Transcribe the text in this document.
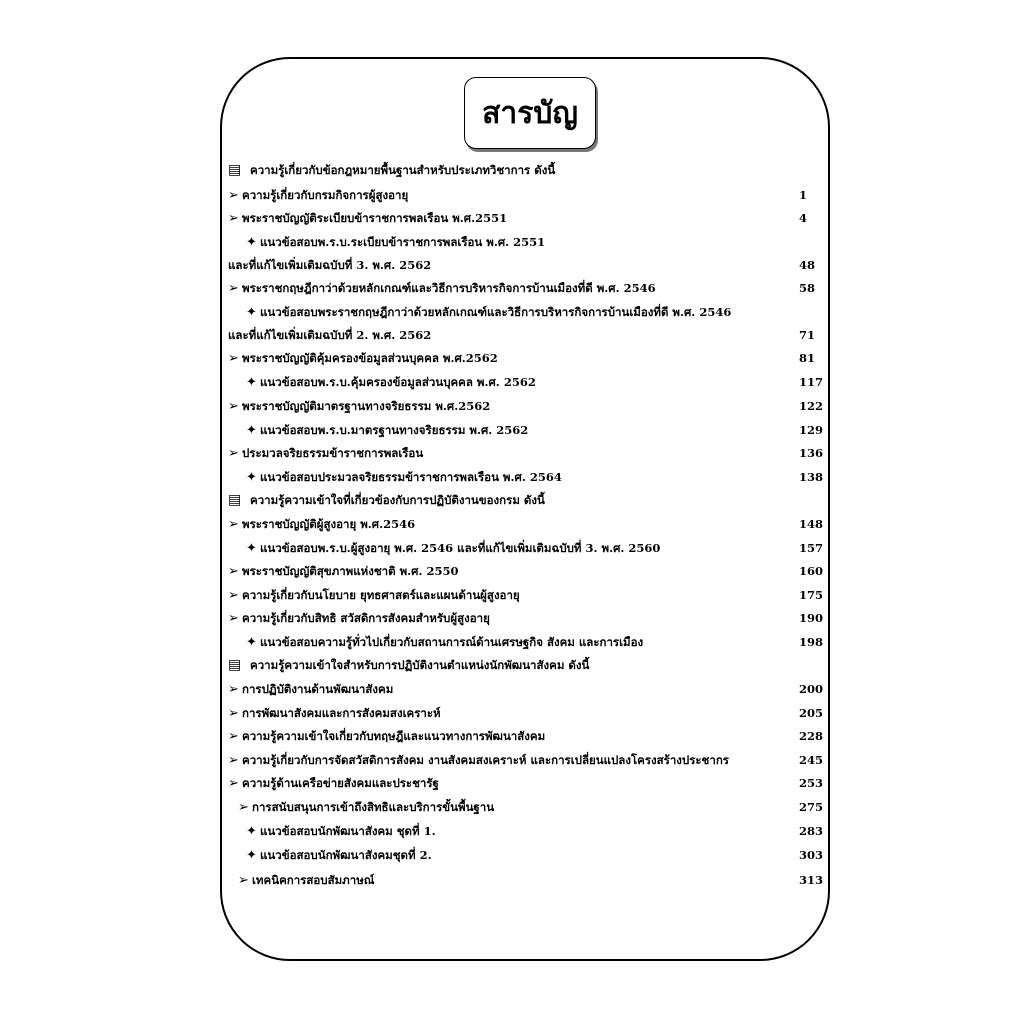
สารบัญ
▤ ความรู้เกี่ยวกับข้อกฎหมายพื้นฐานสำหรับประเภทวิชาการ ดังนี้
➢ ความรู้เกี่ยวกับกรมกิจการผู้สูงอายุ	1
➢ พระราชบัญญัติระเบียบข้าราชการพลเรือน พ.ศ.2551	4
✦ แนวข้อสอบพ.ร.บ.ระเบียบข้าราชการพลเรือน พ.ศ. 2551
และที่แก้ไขเพิ่มเติมฉบับที่ 3. พ.ศ. 2562	48
➢ พระราชกฤษฎีกาว่าด้วยหลักเกณฑ์และวิธีการบริหารกิจการบ้านเมืองที่ดี พ.ศ. 2546	58
✦ แนวข้อสอบพระราชกฤษฎีกาว่าด้วยหลักเกณฑ์และวิธีการบริหารกิจการบ้านเมืองที่ดี พ.ศ. 2546
และที่แก้ไขเพิ่มเติมฉบับที่ 2. พ.ศ. 2562	71
➢ พระราชบัญญัติคุ้มครองข้อมูลส่วนบุคคล พ.ศ.2562	81
✦ แนวข้อสอบพ.ร.บ.คุ้มครองข้อมูลส่วนบุคคล พ.ศ. 2562	117
➢ พระราชบัญญัติมาตรฐานทางจริยธรรม พ.ศ.2562	122
✦ แนวข้อสอบพ.ร.บ.มาตรฐานทางจริยธรรม พ.ศ. 2562	129
➢ ประมวลจริยธรรมข้าราชการพลเรือน	136
✦ แนวข้อสอบประมวลจริยธรรมข้าราชการพลเรือน พ.ศ. 2564	138
▤ ความรู้ความเข้าใจที่เกี่ยวข้องกับการปฏิบัติงานของกรม ดังนี้
➢ พระราชบัญญัติผู้สูงอายุ พ.ศ.2546	148
✦ แนวข้อสอบพ.ร.บ.ผู้สูงอายุ พ.ศ. 2546 และที่แก้ไขเพิ่มเติมฉบับที่ 3. พ.ศ. 2560	157
➢ พระราชบัญญัติสุขภาพแห่งชาติ พ.ศ. 2550	160
➢ ความรู้เกี่ยวกับนโยบาย ยุทธศาสตร์และแผนด้านผู้สูงอายุ	175
➢ ความรู้เกี่ยวกับสิทธิ สวัสดิการสังคมสำหรับผู้สูงอายุ	190
✦ แนวข้อสอบความรู้ทั่วไปเกี่ยวกับสถานการณ์ด้านเศรษฐกิจ สังคม และการเมือง	198
▤ ความรู้ความเข้าใจสำหรับการปฏิบัติงานตำแหน่งนักพัฒนาสังคม ดังนี้
➢ การปฏิบัติงานด้านพัฒนาสังคม	200
➢ การพัฒนาสังคมและการสังคมสงเคราะห์	205
➢ ความรู้ความเข้าใจเกี่ยวกับทฤษฎีและแนวทางการพัฒนาสังคม	228
➢ ความรู้เกี่ยวกับการจัดสวัสดิการสังคม งานสังคมสงเคราะห์ และการเปลี่ยนแปลงโครงสร้างประชากร	245
➢ ความรู้ด้านเครือข่ายสังคมและประชารัฐ	253
➢ การสนับสนุนการเข้าถึงสิทธิและบริการขั้นพื้นฐาน	275
✦ แนวข้อสอบนักพัฒนาสังคม ชุดที่ 1.	283
✦ แนวข้อสอบนักพัฒนาสังคมชุดที่ 2.	303
➢ เทคนิคการสอบสัมภาษณ์	313
